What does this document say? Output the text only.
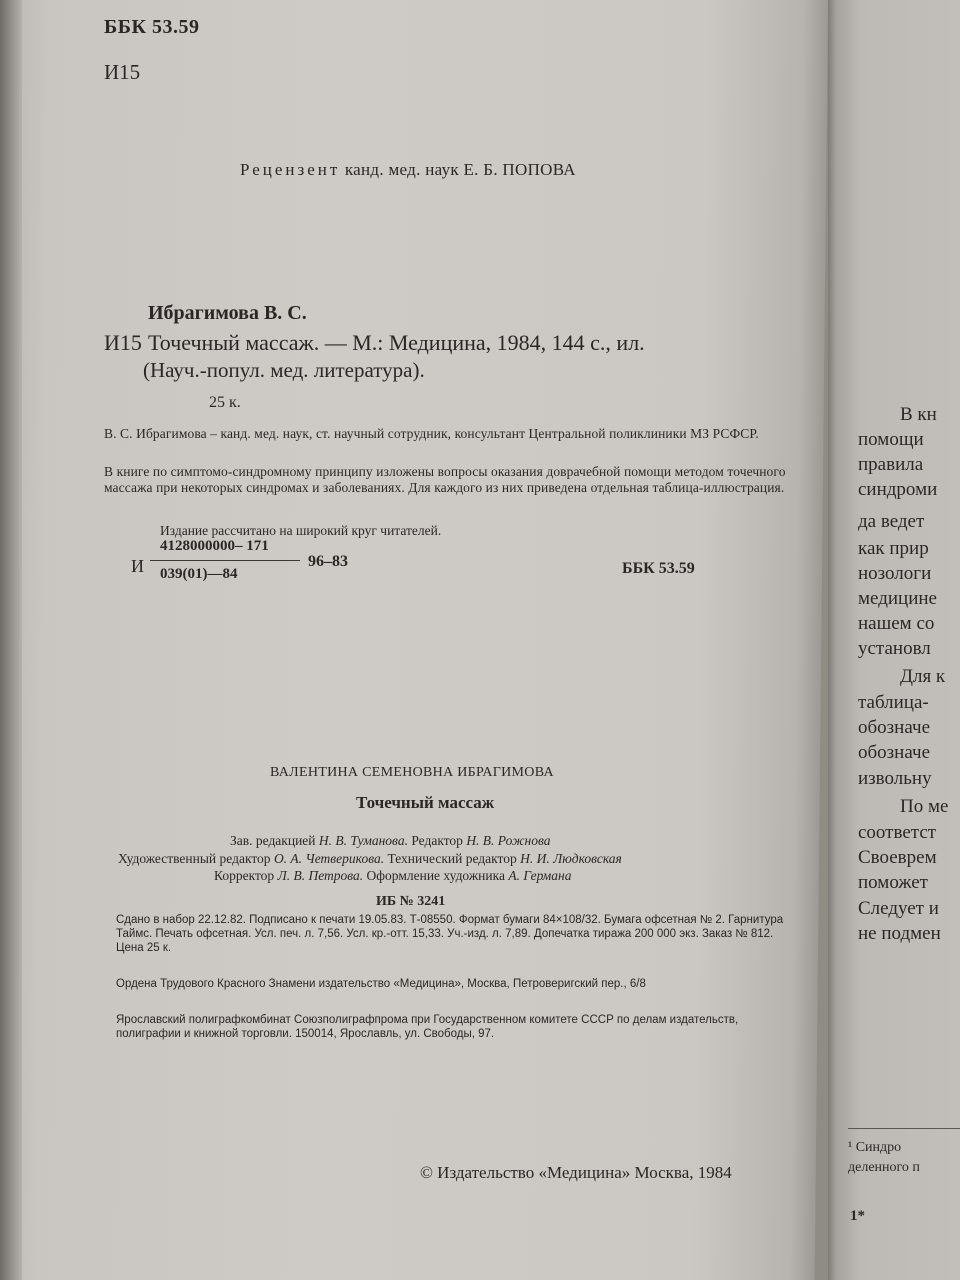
ББК 53.59
И15
Рецензент канд. мед. наук Е. Б. ПОПОВА
Ибрагимова В. С.
И15 Точечный массаж. — М.: Медицина, 1984, 144 с., ил.
(Науч.-попул. мед. литература).
25 к.
В. С. Ибрагимова – канд. мед. наук, ст. научный сотрудник, консультант Центральной поликлиники МЗ РСФСР.
В книге по симптомо-синдромному принципу изложены вопросы оказания доврачебной помощи методом точечного массажа при некоторых синдромах и заболеваниях. Для каждого из них приведена отдельная таблица-иллюстрация.
Издание рассчитано на широкий круг читателей.
И
4128000000– 171
039(01)—84
96–83	ББК 53.59
ВАЛЕНТИНА СЕМЕНОВНА ИБРАГИМОВА
Точечный массаж
Зав. редакцией Н. В. Туманова. Редактор Н. В. Рожнова
Художественный редактор О. А. Четверикова. Технический редактор Н. И. Людковская
Корректор Л. В. Петрова. Оформление художника А. Германа
ИБ № 3241
Сдано в набор 22.12.82. Подписано к печати 19.05.83. Т-08550. Формат бумаги 84×108/32. Бумага офсетная № 2. Гарнитура Таймс. Печать офсетная. Усл. печ. л. 7,56. Усл. кр.-отт. 15,33. Уч.-изд. л. 7,89. Допечатка тиража 200 000 экз. Заказ № 812. Цена 25 к.
Ордена Трудового Красного Знамени издательство «Медицина», Москва, Петроверигский пер., 6/8
Ярославский полиграфкомбинат Союзполиграфпрома при Государственном комитете СССР по делам издательств, полиграфии и книжной торговли. 150014, Ярославль, ул. Свободы, 97.
© Издательство «Медицина» Москва, 1984
В кн
помощи
правила
синдроми
да ведет
как прир
нозологи
медицине
нашем со
установл
Для к
таблица-
обозначе
обозначе
извольну
По ме
соответст
Своеврем
поможет
Следует и
не подмен
¹ Синдро
деленного п
1*
